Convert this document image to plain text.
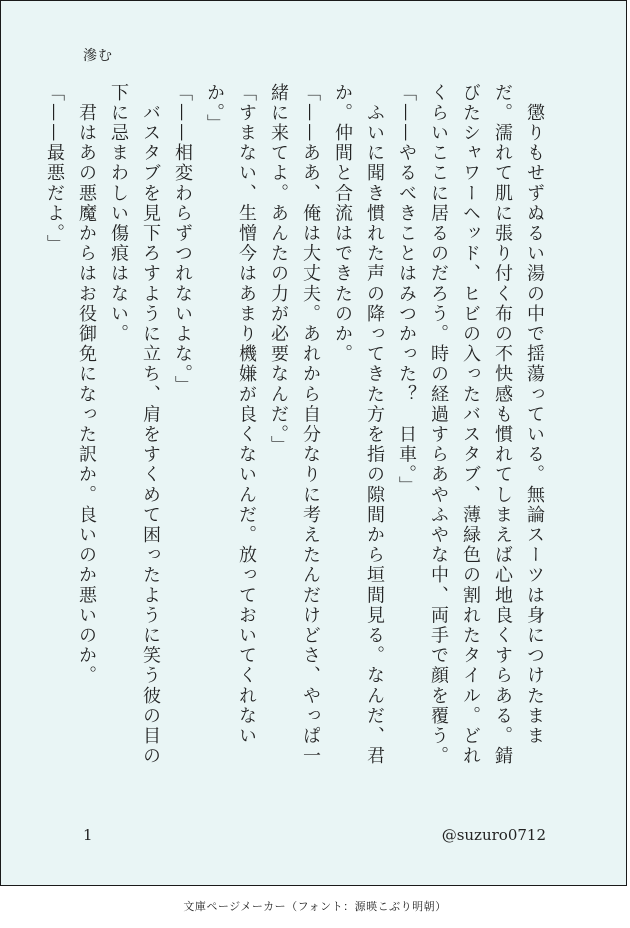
滲む

　懲りもせずぬるい湯の中で揺蕩っている。無論スーツは身につけたままだ。濡れて肌に張り付く布の不快感も慣れてしまえば心地良くすらある。錆びたシャワーヘッド、ヒビの入ったバスタブ、薄緑色の割れたタイル。どれくらいここに居るのだろう。時の経過すらあやふやな中、両手で顔を覆う。

「——やるべきことはみつかった？　日車。」

　ふいに聞き慣れた声の降ってきた方を指の隙間から垣間見る。なんだ、君か。仲間と合流はできたのか。

「——ああ、俺は大丈夫。あれから自分なりに考えたんだけどさ、やっぱ一緒に来てよ。あんたの力が必要なんだ。」

「すまない、生憎今はあまり機嫌が良くないんだ。放っておいてくれないか。」

「——相変わらずつれないよな。」

　バスタブを見下ろすように立ち、肩をすくめて困ったように笑う彼の目の下に忌まわしい傷痕はない。

　君はあの悪魔からはお役御免になった訳か。良いのか悪いのか。

「——最悪だよ。」

1	@suzuro0712
文庫ページメーカー（フォント：源暎こぶり明朝）
